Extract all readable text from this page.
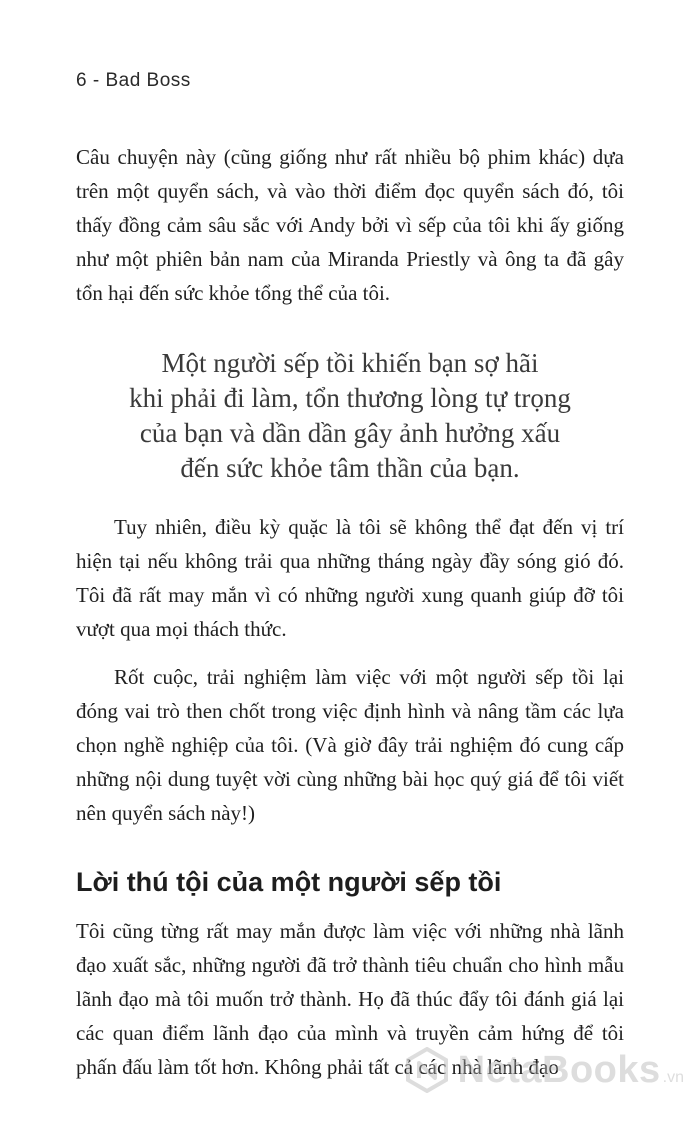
6 - Bad Boss

Câu chuyện này (cũng giống như rất nhiều bộ phim khác) dựa trên một quyển sách, và vào thời điểm đọc quyển sách đó, tôi thấy đồng cảm sâu sắc với Andy bởi vì sếp của tôi khi ấy giống như một phiên bản nam của Miranda Priestly và ông ta đã gây tổn hại đến sức khỏe tổng thể của tôi.

Một người sếp tồi khiến bạn sợ hãi
khi phải đi làm, tổn thương lòng tự trọng
của bạn và dần dần gây ảnh hưởng xấu
đến sức khỏe tâm thần của bạn.

Tuy nhiên, điều kỳ quặc là tôi sẽ không thể đạt đến vị trí hiện tại nếu không trải qua những tháng ngày đầy sóng gió đó. Tôi đã rất may mắn vì có những người xung quanh giúp đỡ tôi vượt qua mọi thách thức.

Rốt cuộc, trải nghiệm làm việc với một người sếp tồi lại đóng vai trò then chốt trong việc định hình và nâng tầm các lựa chọn nghề nghiệp của tôi. (Và giờ đây trải nghiệm đó cung cấp những nội dung tuyệt vời cùng những bài học quý giá để tôi viết nên quyển sách này!)

Lời thú tội của một người sếp tồi

Tôi cũng từng rất may mắn được làm việc với những nhà lãnh đạo xuất sắc, những người đã trở thành tiêu chuẩn cho hình mẫu lãnh đạo mà tôi muốn trở thành. Họ đã thúc đẩy tôi đánh giá lại các quan điểm lãnh đạo của mình và truyền cảm hứng để tôi phấn đấu làm tốt hơn. Không phải tất cả các nhà lãnh đạo

NetaBooks .vn
